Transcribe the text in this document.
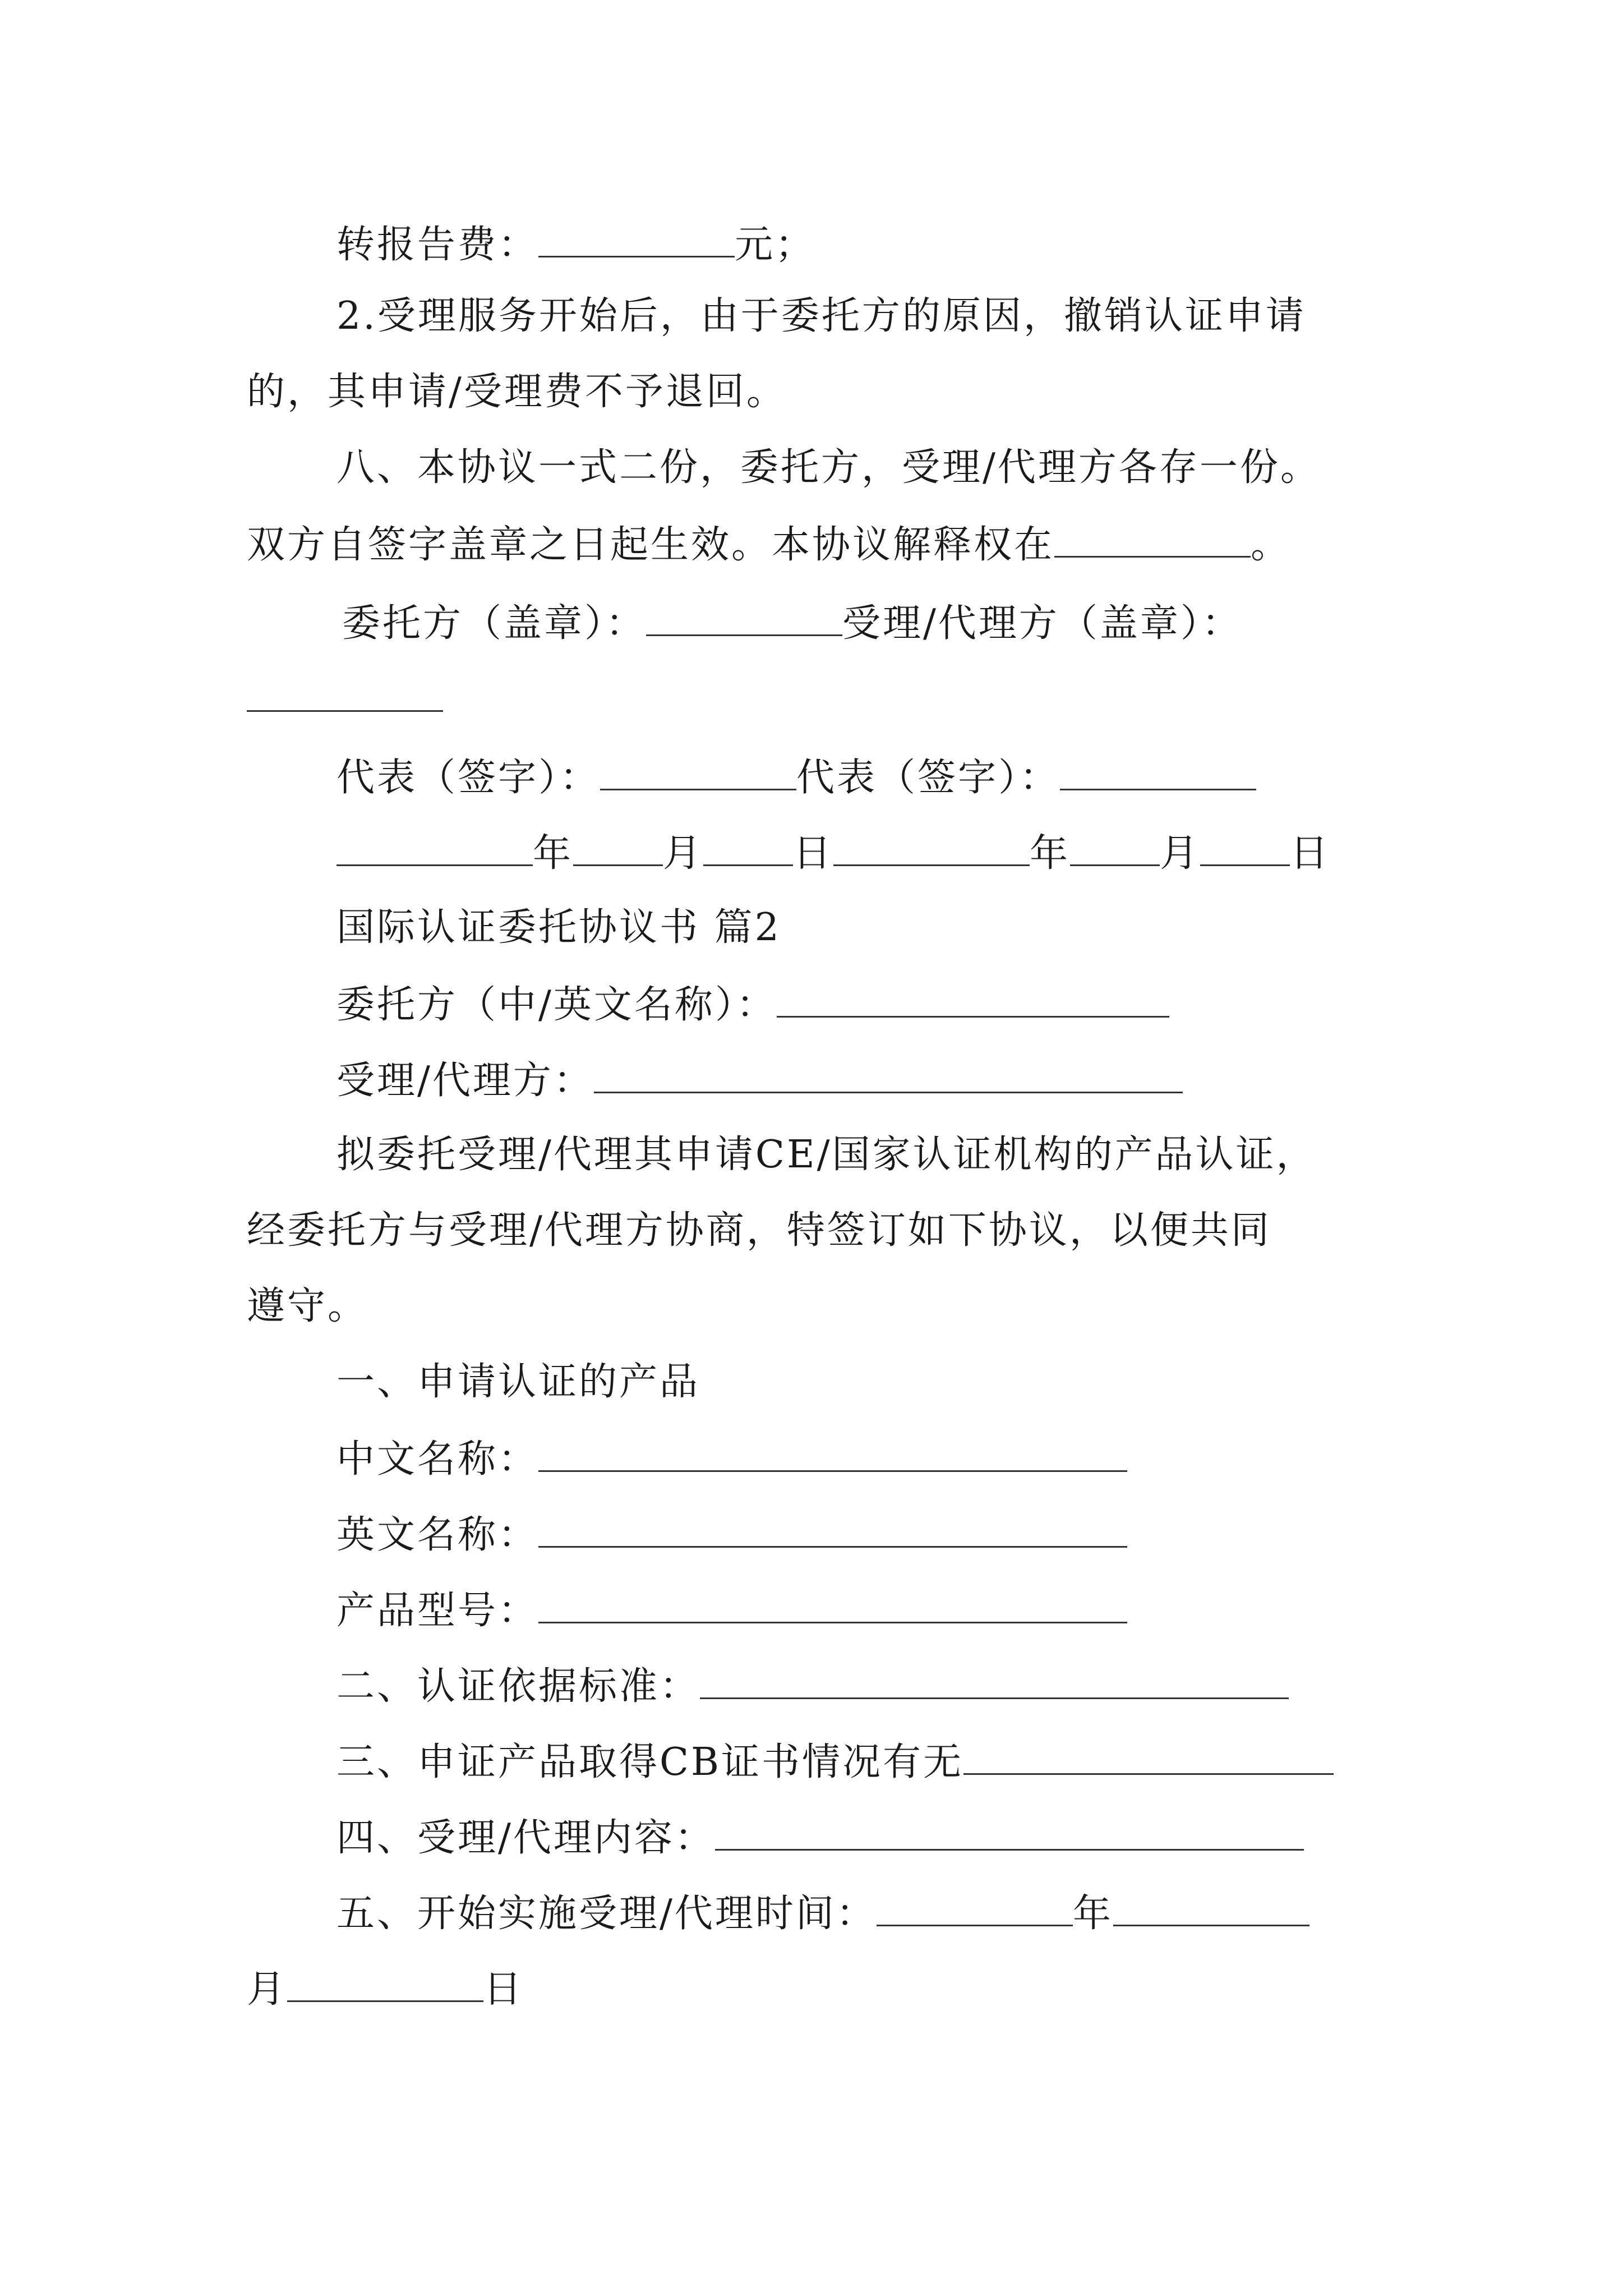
转报告费：	元；
2.受理服务开始后，由于委托方的原因，撤销认证申请
的，其申请/受理费不予退回。
八、本协议一式二份，委托方，受理/代理方各存一份。
双方自签字盖章之日起生效。本协议解释权在	。
委托方（盖章）：	受理/代理方（盖章）：
代表（签字）：	代表（签字）：
年 月 日	年 月 日
国际认证委托协议书 篇2
委托方（中/英文名称）：
受理/代理方：
拟委托受理/代理其申请CE/国家认证机构的产品认证，
经委托方与受理/代理方协商，特签订如下协议，以便共同
遵守。
一、申请认证的产品
中文名称：
英文名称：
产品型号：
二、认证依据标准：
三、申证产品取得CB证书情况有无
四、受理/代理内容：
五、开始实施受理/代理时间：	年
月	日
